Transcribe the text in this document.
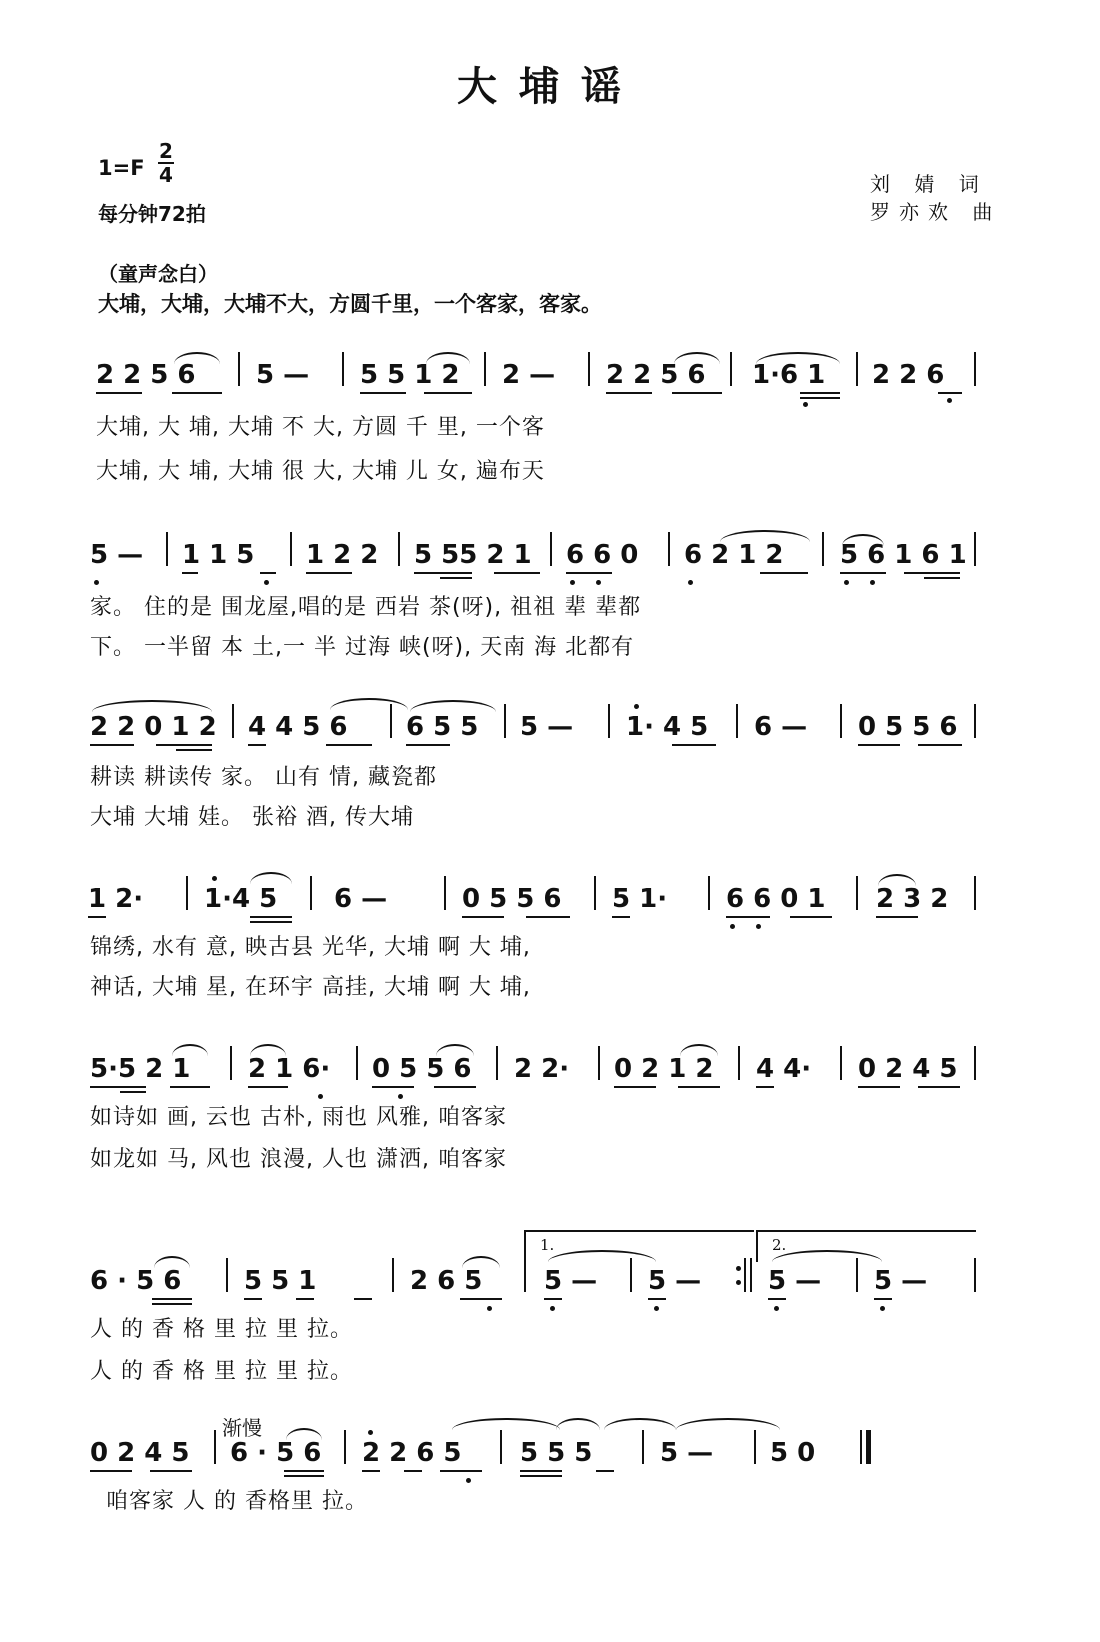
大埔谣
1=F
2
4
每分钟72拍
刘 婧 词
罗亦欢 曲
（童声念白）
大埔，大埔，大埔不大，方圆千里，一个客家，客家。
2 2 5 6 5 — 5 5 1 2 2 — 2 2 5 6 1·6 1 2 2 6
大埔, 大 埔, 大埔 不 大, 方圆 千 里, 一个客
大埔, 大 埔, 大埔 很 大, 大埔 儿 女, 遍布天
5 — 1 1 5 1 2 2 5 55 2 1 6 6 0 6 2 1 2 5 6 1 6 1
家。 住的是 围龙屋,唱的是 西岩 茶(呀), 祖祖 辈 辈都
下。 一半留 本 土,一 半 过海 峡(呀), 天南 海 北都有
2 2 0 1 2 4 4 5 6 6 5 5 5 — 1· 4 5 6 — 0 5 5 6
耕读 耕读传 家。 山有 情, 藏瓷都
大埔 大埔 娃。 张裕 酒, 传大埔
1 2· 1·4 5 6 —	0 5 5 6 5 1· 6 6 0 1 2 3 2
锦绣, 水有 意, 映古县 光华, 大埔 啊 大 埔,
神话, 大埔 星, 在环宇 高挂, 大埔 啊 大 埔,
5·5 2 1 2 1 6· 0 5 5 6 2 2· 0 2 1 2 4 4· 0 2 4 5
如诗如 画, 云也 古朴, 雨也 风雅, 咱客家
如龙如 马, 风也 浪漫, 人也 潇洒, 咱客家
1.	2.
6 · 5 6 5 5 1	2 6 5 5 — 5 —	5 — 5 —
人 的 香 格 里 拉 里 拉。
人 的 香 格 里 拉 里 拉。
渐慢
0 2 4 5 6 · 5 6 2 2 6 5 5 5 5	5 — 5 0
咱客家 人 的 香格里 拉。
